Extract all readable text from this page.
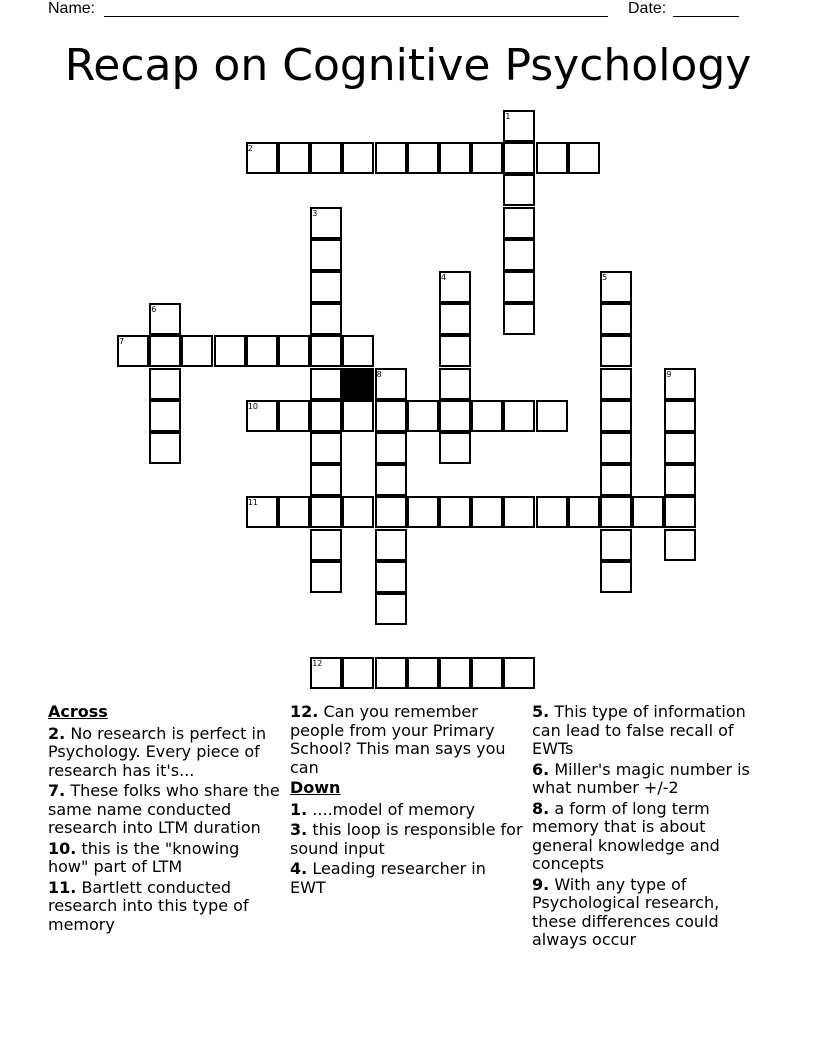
Name:	Date:
Recap on Cognitive Psychology
1
2
3
4	5
6
7
8	9
10
11
12
Across
2. No research is perfect in Psychology. Every piece of research has it's...
7. These folks who share the same name conducted research into LTM duration
10. this is the "knowing how" part of LTM
11. Bartlett conducted research into this type of memory
12. Can you remember people from your Primary School? This man says you can
Down
1. ....model of memory
3. this loop is responsible for sound input
4. Leading researcher in EWT
5. This type of information can lead to false recall of EWTs
6. Miller's magic number is what number +/-2
8. a form of long term memory that is about general knowledge and concepts
9. With any type of Psychological research, these differences could always occur
